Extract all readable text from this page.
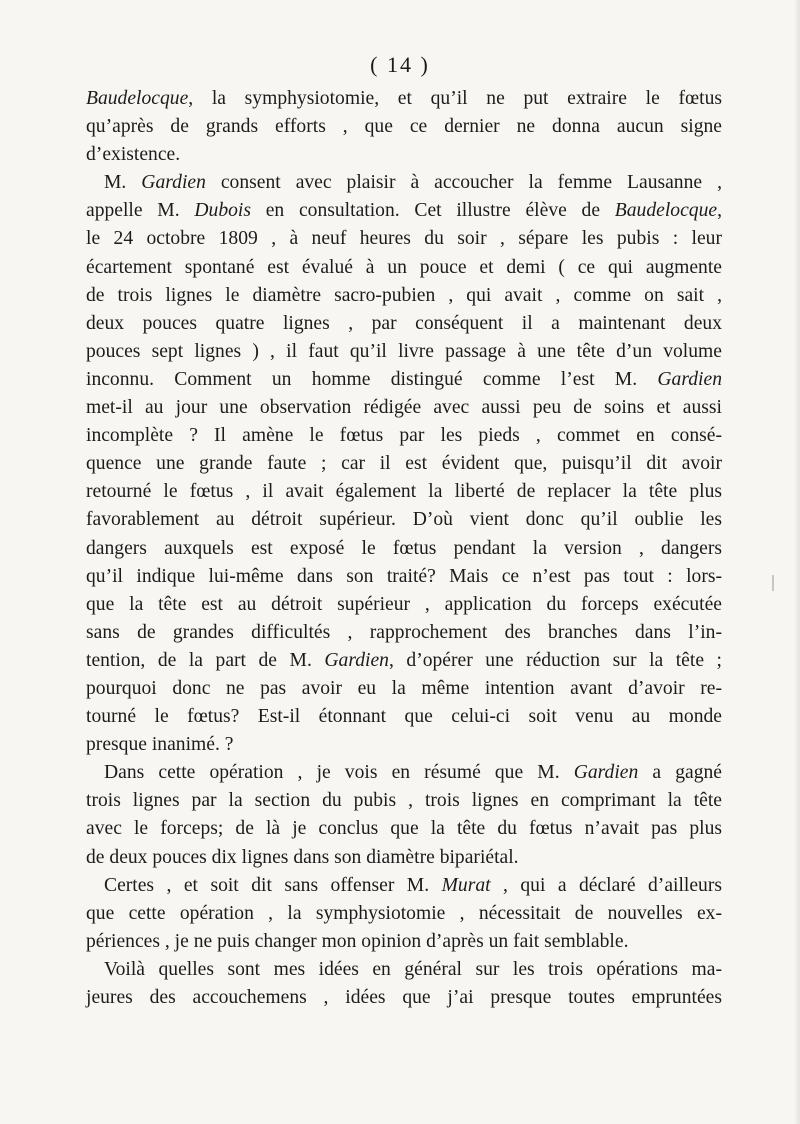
( 14 )
Baudelocque, la symphysiotomie, et qu’il ne put extraire le fœtus
qu’après de grands efforts , que ce dernier ne donna aucun signe
d’existence.
M. Gardien consent avec plaisir à accoucher la femme Lausanne ,
appelle M. Dubois en consultation. Cet illustre élève de Baudelocque,
le 24 octobre 1809 , à neuf heures du soir , sépare les pubis : leur
écartement spontané est évalué à un pouce et demi ( ce qui augmente
de trois lignes le diamètre sacro-pubien , qui avait , comme on sait ,
deux pouces quatre lignes , par conséquent il a maintenant deux
pouces sept lignes ) , il faut qu’il livre passage à une tête d’un volume
inconnu. Comment un homme distingué comme l’est M. Gardien
met-il au jour une observation rédigée avec aussi peu de soins et aussi
incomplète ? Il amène le fœtus par les pieds , commet en consé-
quence une grande faute ; car il est évident que, puisqu’il dit avoir
retourné le fœtus , il avait également la liberté de replacer la tête plus
favorablement au détroit supérieur. D’où vient donc qu’il oublie les
dangers auxquels est exposé le fœtus pendant la version , dangers
qu’il indique lui-même dans son traité? Mais ce n’est pas tout : lors-
que la tête est au détroit supérieur , application du forceps exécutée
sans de grandes difficultés , rapprochement des branches dans l’in-
tention, de la part de M. Gardien, d’opérer une réduction sur la tête ;
pourquoi donc ne pas avoir eu la même intention avant d’avoir re-
tourné le fœtus? Est-il étonnant que celui-ci soit venu au monde
presque inanimé. ?
Dans cette opération , je vois en résumé que M. Gardien a gagné
trois lignes par la section du pubis , trois lignes en comprimant la tête
avec le forceps; de là je conclus que la tête du fœtus n’avait pas plus
de deux pouces dix lignes dans son diamètre bipariétal.
Certes , et soit dit sans offenser M. Murat , qui a déclaré d’ailleurs
que cette opération , la symphysiotomie , nécessitait de nouvelles ex-
périences , je ne puis changer mon opinion d’après un fait semblable.
Voilà quelles sont mes idées en général sur les trois opérations ma-
jeures des accouchemens , idées que j’ai presque toutes empruntées
